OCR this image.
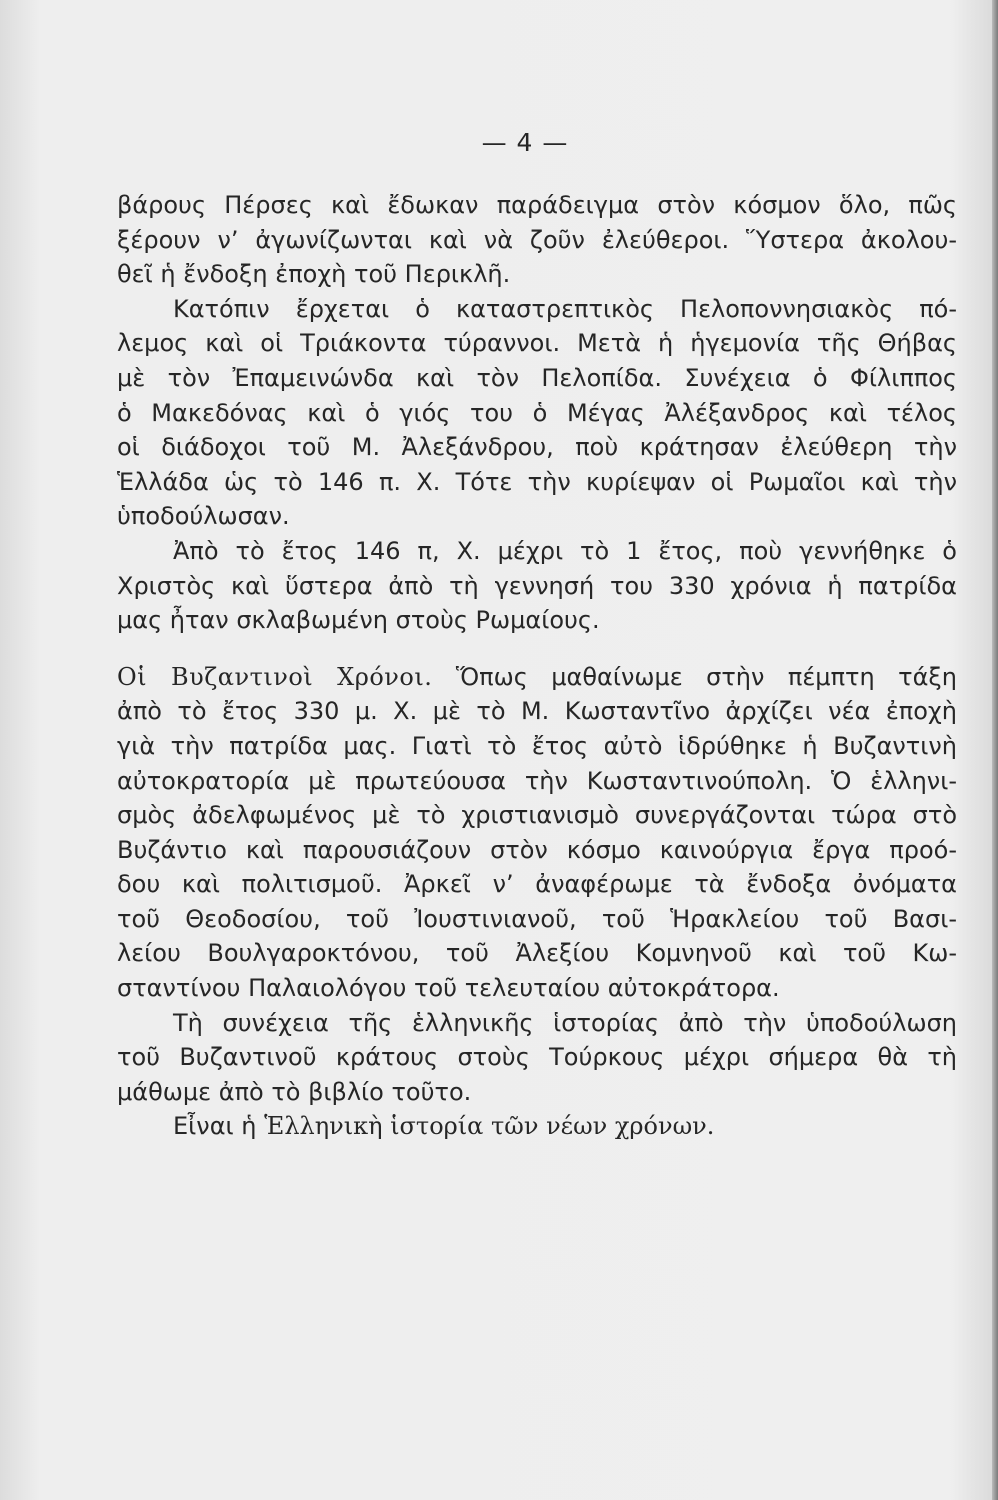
— 4 —
βάρους Πέρσες καὶ ἔδωκαν παράδειγμα στὸν κόσμον ὅλο, πῶς
ξέρουν ν’ ἀγωνίζωνται καὶ νὰ ζοῦν ἐλεύθεροι. Ὕστερα ἀκολου-
θεῖ ἡ ἔνδοξη ἐποχὴ τοῦ Περικλῆ.
Κατόπιν ἔρχεται ὁ καταστρεπτικὸς Πελοποννησιακὸς πό-
λεμος καὶ οἱ Τριάκοντα τύραννοι. Μετὰ ἡ ἡγεμονία τῆς Θήβας
μὲ τὸν Ἐπαμεινώνδα καὶ τὸν Πελοπίδα. Συνέχεια ὁ Φίλιππος
ὁ Μακεδόνας καὶ ὁ γιός του ὁ Μέγας Ἀλέξανδρος καὶ τέλος
οἱ διάδοχοι τοῦ Μ. Ἀλεξάνδρου, ποὺ κράτησαν ἐλεύθερη τὴν
Ἑλλάδα ὡς τὸ 146 π. Χ. Τότε τὴν κυρίεψαν οἱ Ρωμαῖοι καὶ τὴν
ὑποδούλωσαν.
Ἀπὸ τὸ ἔτος 146 π, Χ. μέχρι τὸ 1 ἔτος, ποὺ γεννήθηκε ὁ
Χριστὸς καὶ ὕστερα ἀπὸ τὴ γεννησή του 330 χρόνια ἡ πατρίδα
μας ἦταν σκλαβωμένη στοὺς Ρωμαίους.
Οἱ Βυζαντινοὶ Χρόνοι. Ὅπως μαθαίνωμε στὴν πέμπτη τάξη
ἀπὸ τὸ ἔτος 330 μ. Χ. μὲ τὸ Μ. Κωσταντῖνο ἀρχίζει νέα ἐποχὴ
γιὰ τὴν πατρίδα μας. Γιατὶ τὸ ἔτος αὐτὸ ἱδρύθηκε ἡ Βυζαντινὴ
αὐτοκρατορία μὲ πρωτεύουσα τὴν Κωσταντινούπολη. Ὁ ἑλληνι-
σμὸς ἀδελφωμένος μὲ τὸ χριστιανισμὸ συνεργάζονται τώρα στὸ
Βυζάντιο καὶ παρουσιάζουν στὸν κόσμο καινούργια ἔργα προό-
δου καὶ πολιτισμοῦ. Ἀρκεῖ ν’ ἀναφέρωμε τὰ ἔνδοξα ὀνόματα
τοῦ Θεοδοσίου, τοῦ Ἰουστινιανοῦ, τοῦ Ἡρακλείου τοῦ Βασι-
λείου Βουλγαροκτόνου, τοῦ Ἀλεξίου Κομνηνοῦ καὶ τοῦ Κω-
σταντίνου Παλαιολόγου τοῦ τελευταίου αὐτοκράτορα.
Τὴ συνέχεια τῆς ἑλληνικῆς ἱστορίας ἀπὸ τὴν ὑποδούλωση
τοῦ Βυζαντινοῦ κράτους στοὺς Τούρκους μέχρι σήμερα θὰ τὴ
μάθωμε ἀπὸ τὸ βιβλίο τοῦτο.
Εἶναι ἡ Ἑλληνικὴ ἱστορία τῶν νέων χρόνων.
